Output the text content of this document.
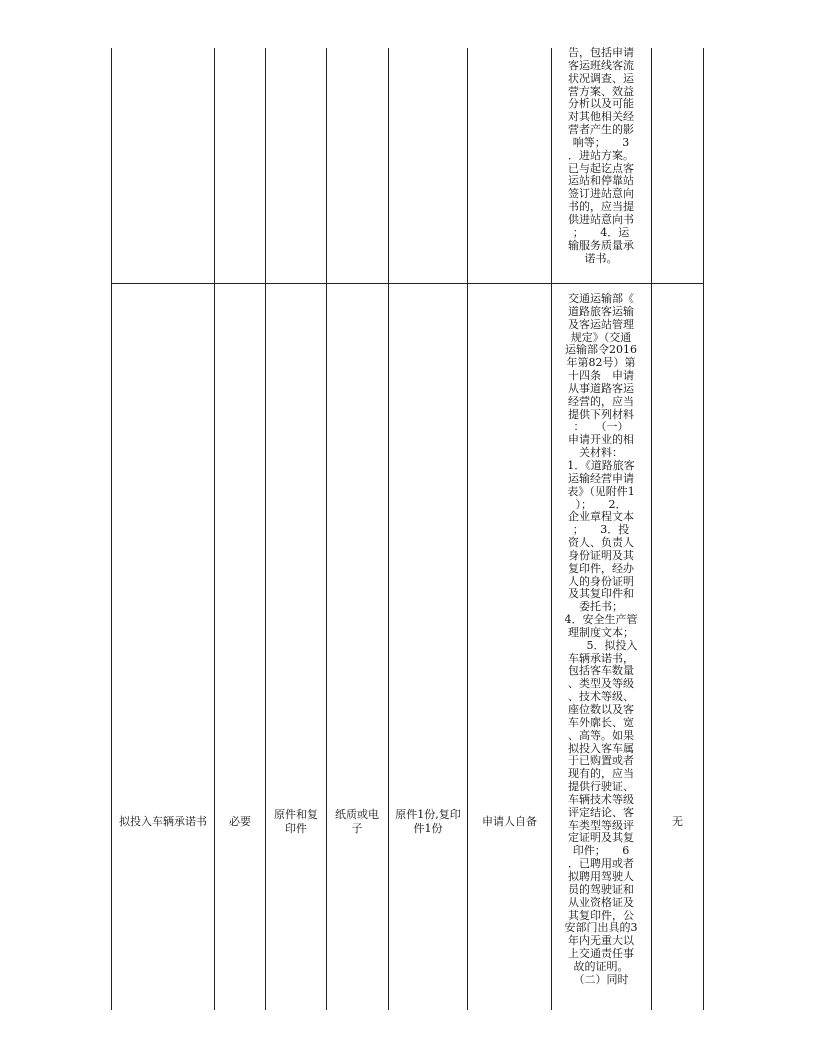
告，包括申请
客运班线客流
状况调查、运
营方案、效益
分析以及可能
对其他相关经
营者产生的影
响等；　　3
．进站方案。
已与起讫点客
运站和停靠站
签订进站意向
书的，应当提
供进站意向书
；　　4．运
输服务质量承
诺书。
拟投入车辆承诺书 必要
原件和复印件
纸质或电子
原件1份,复印件1份
申请人自备	无
交通运输部《
道路旅客运输
及客运站管理
规定》（交通
运输部令2016
年第82号）第
十四条　申请
从事道路客运
经营的，应当
提供下列材料
：　　（一）
申请开业的相
关材料：
1．《道路旅客
运输经营申请
表》（见附件1
）；　　2．
企业章程文本
；　　3．投
资人、负责人
身份证明及其
复印件，经办
人的身份证明
及其复印件和
委托书；
4．安全生产管
理制度文本；
　　5．拟投入
车辆承诺书，
包括客车数量
、类型及等级
、技术等级、
座位数以及客
车外廓长、宽
、高等。如果
拟投入客车属
于已购置或者
现有的，应当
提供行驶证、
车辆技术等级
评定结论、客
车类型等级评
定证明及其复
印件；　　6
．已聘用或者
拟聘用驾驶人
员的驾驶证和
从业资格证及
其复印件，公
安部门出具的3
年内无重大以
上交通责任事
故的证明。
（二）同时
